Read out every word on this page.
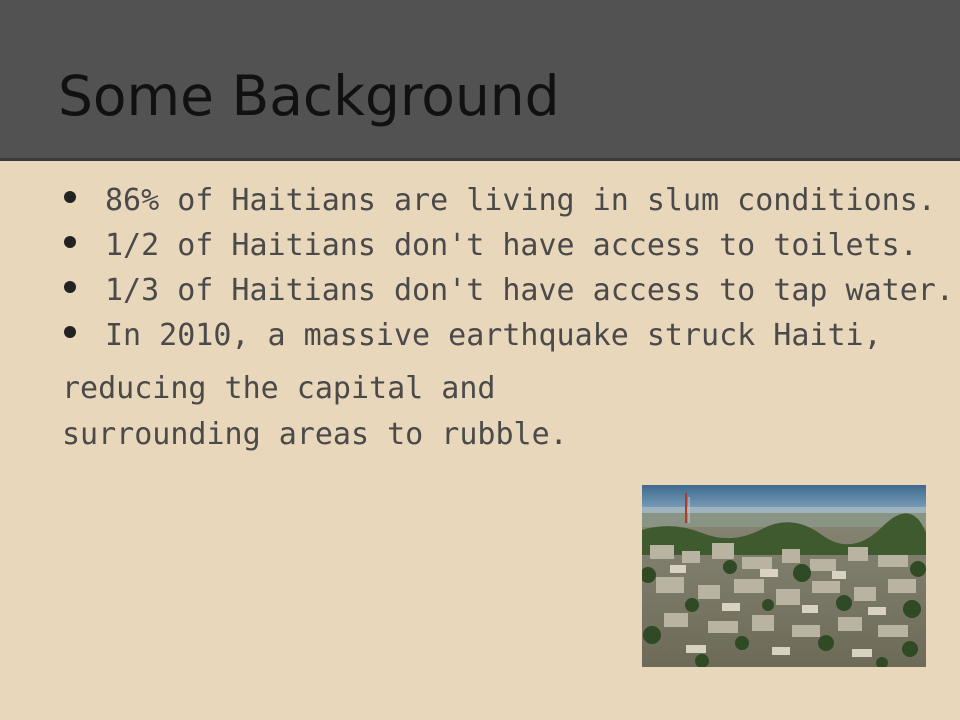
Some Background
86% of Haitians are living in slum conditions.
1/2 of Haitians don't have access to toilets.
1/3 of Haitians don't have access to tap water.
In 2010, a massive earthquake struck Haiti,
reducing the capital and
surrounding areas to rubble.
